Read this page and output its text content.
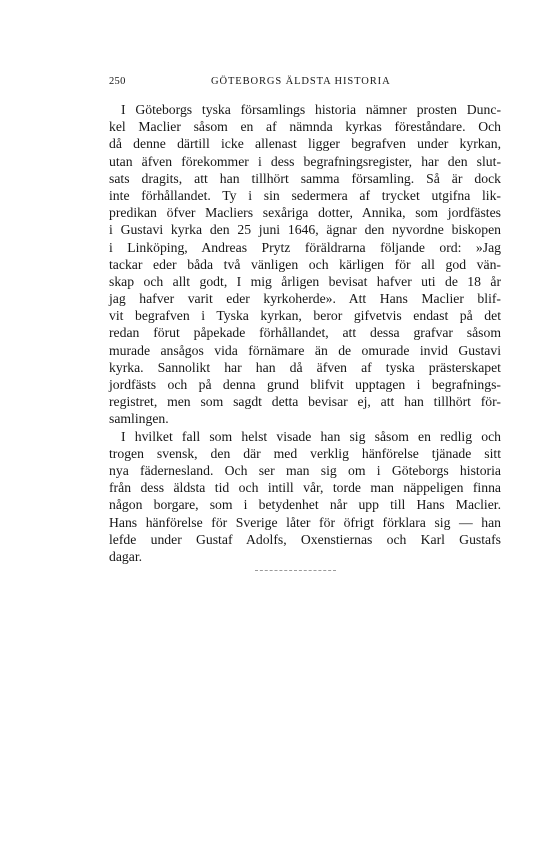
250	GÖTEBORGS ÄLDSTA HISTORIA
I Göteborgs tyska församlings historia nämner prosten Dunc-
kel Maclier såsom en af nämnda kyrkas föreståndare. Och
då denne därtill icke allenast ligger begrafven under kyrkan,
utan äfven förekommer i dess begrafningsregister, har den slut-
sats dragits, att han tillhört samma församling. Så är dock
inte förhållandet. Ty i sin sedermera af trycket utgifna lik-
predikan öfver Macliers sexåriga dotter, Annika, som jordfästes
i Gustavi kyrka den 25 juni 1646, ägnar den nyvordne biskopen
i Linköping, Andreas Prytz föräldrarna följande ord: »Jag
tackar eder båda två vänligen och kärligen för all god vän-
skap och allt godt, I mig årligen bevisat hafver uti de 18 år
jag hafver varit eder kyrkoherde». Att Hans Maclier blif-
vit begrafven i Tyska kyrkan, beror gifvetvis endast på det
redan förut påpekade förhållandet, att dessa grafvar såsom
murade ansågos vida förnämare än de omurade invid Gustavi
kyrka. Sannolikt har han då äfven af tyska prästerskapet
jordfästs och på denna grund blifvit upptagen i begrafnings-
registret, men som sagdt detta bevisar ej, att han tillhört för-
samlingen.
I hvilket fall som helst visade han sig såsom en redlig och
trogen svensk, den där med verklig hänförelse tjänade sitt
nya fädernesland. Och ser man sig om i Göteborgs historia
från dess äldsta tid och intill vår, torde man näppeligen finna
någon borgare, som i betydenhet når upp till Hans Maclier.
Hans hänförelse för Sverige låter för öfrigt förklara sig — han
lefde under Gustaf Adolfs, Oxenstiernas och Karl Gustafs
dagar.
